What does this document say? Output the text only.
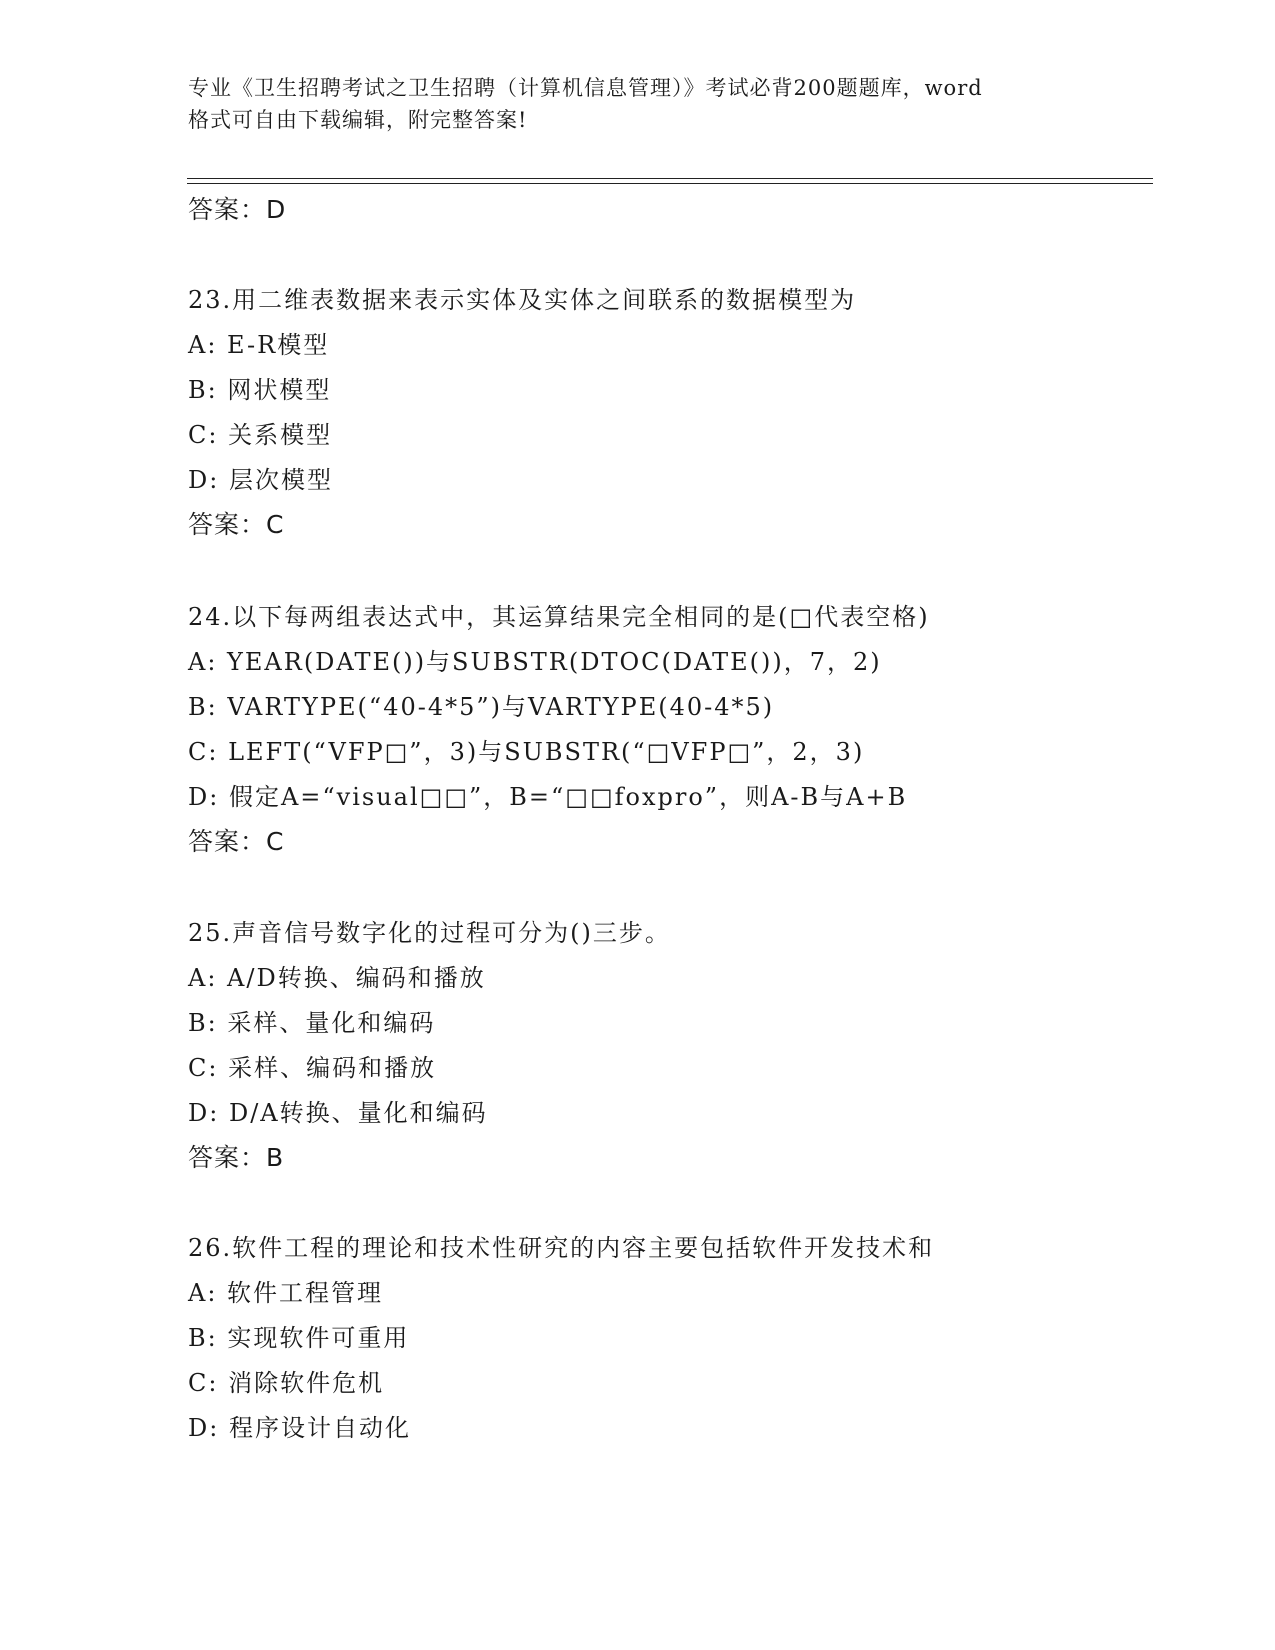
专业《卫生招聘考试之卫生招聘（计算机信息管理）》考试必背200题题库，word
格式可自由下载编辑，附完整答案!
答案：D
23.用二维表数据来表示实体及实体之间联系的数据模型为
A: E-R模型
B: 网状模型
C: 关系模型
D: 层次模型
答案：C
24.以下每两组表达式中，其运算结果完全相同的是(□代表空格)
A: YEAR(DATE())与SUBSTR(DTOC(DATE())，7，2)
B: VARTYPE(“40-4*5”)与VARTYPE(40-4*5)
C: LEFT(“VFP□”，3)与SUBSTR(“□VFP□”，2，3)
D: 假定A=“visual□□”，B=“□□foxpro”，则A-B与A+B
答案：C
25.声音信号数字化的过程可分为()三步。
A: A/D转换、编码和播放
B: 采样、量化和编码
C: 采样、编码和播放
D: D/A转换、量化和编码
答案：B
26.软件工程的理论和技术性研究的内容主要包括软件开发技术和
A: 软件工程管理
B: 实现软件可重用
C: 消除软件危机
D: 程序设计自动化
